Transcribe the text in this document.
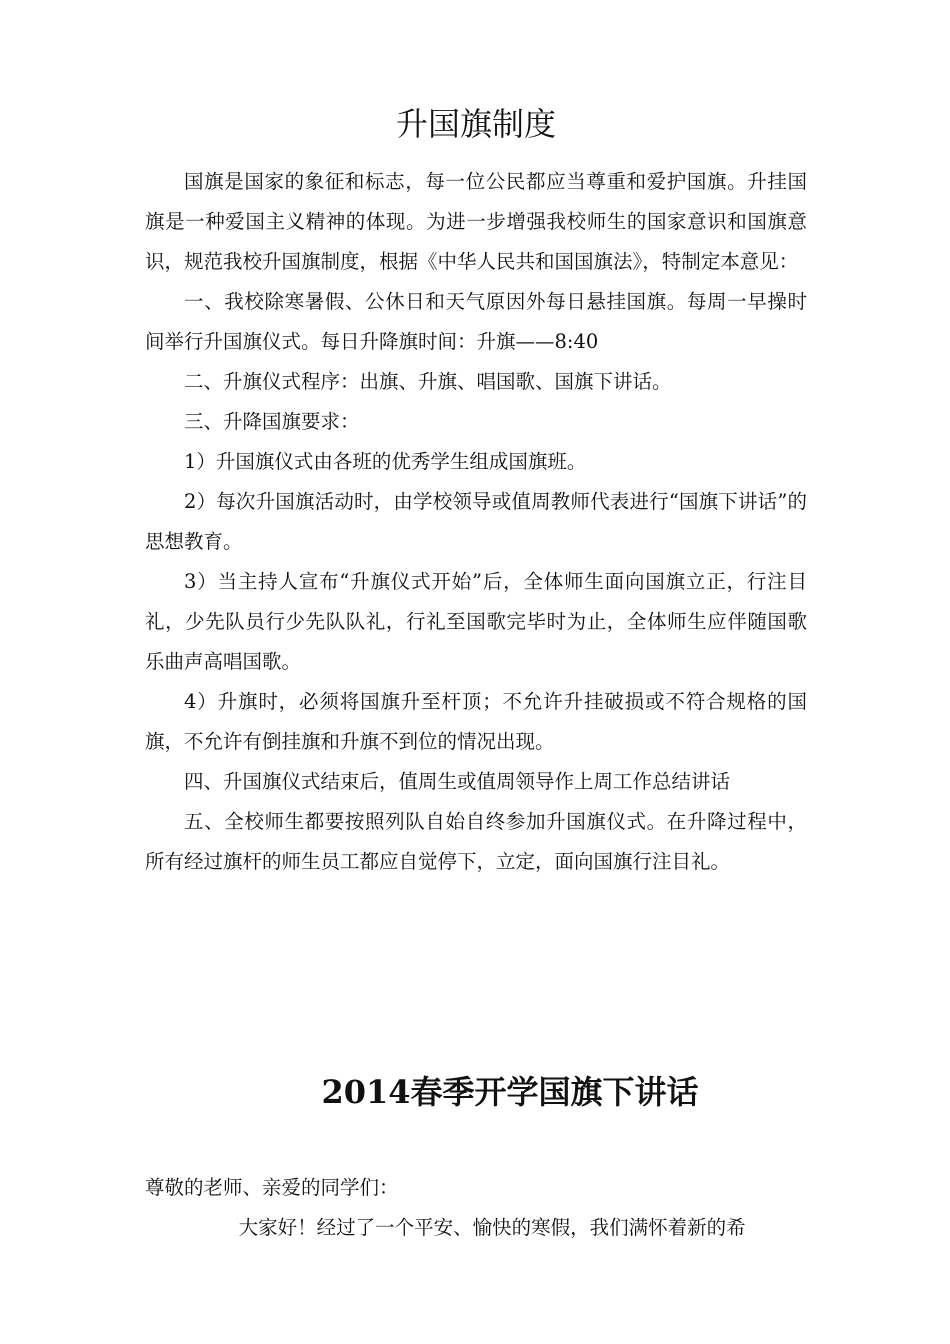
升国旗制度

国旗是国家的象征和标志，每一位公民都应当尊重和爱护国旗。升挂国旗是一种爱国主义精神的体现。为进一步增强我校师生的国家意识和国旗意识，规范我校升国旗制度，根据《中华人民共和国国旗法》，特制定本意见：

一、我校除寒暑假、公休日和天气原因外每日悬挂国旗。每周一早操时间举行升国旗仪式。每日升降旗时间：升旗——8:40

二、升旗仪式程序：出旗、升旗、唱国歌、国旗下讲话。

三、升降国旗要求：

1）升国旗仪式由各班的优秀学生组成国旗班。

2）每次升国旗活动时，由学校领导或值周教师代表进行“国旗下讲话”的思想教育。

3）当主持人宣布“升旗仪式开始”后，全体师生面向国旗立正，行注目礼，少先队员行少先队队礼，行礼至国歌完毕时为止，全体师生应伴随国歌乐曲声高唱国歌。

4）升旗时，必须将国旗升至杆顶；不允许升挂破损或不符合规格的国旗，不允许有倒挂旗和升旗不到位的情况出现。

四、升国旗仪式结束后，值周生或值周领导作上周工作总结讲话

五、全校师生都要按照列队自始自终参加升国旗仪式。在升降过程中，所有经过旗杆的师生员工都应自觉停下，立定，面向国旗行注目礼。

2014春季开学国旗下讲话

尊敬的老师、亲爱的同学们：

大家好！经过了一个平安、愉快的寒假，我们满怀着新的希
